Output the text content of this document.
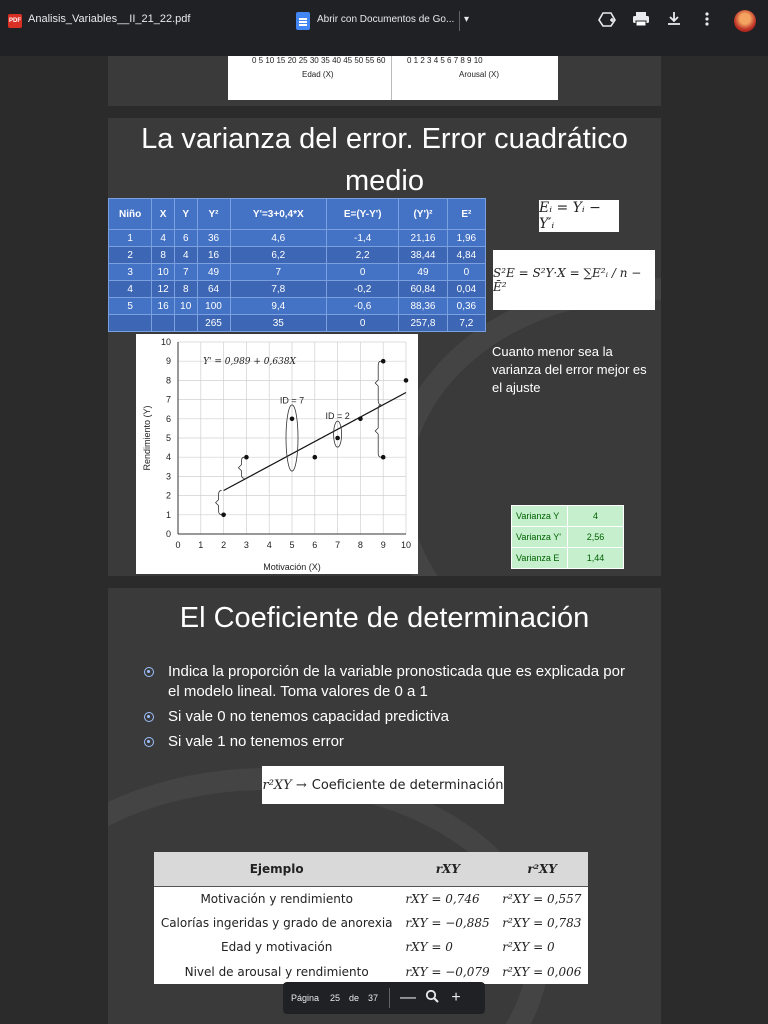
PDF Analisis_Variables__II_21_22.pdf	Abrir con Documentos de Go... ▾
0 5 10 15 20 25 30 35 40 45 50 55 60
Edad (X)
0 1 2 3 4 5 6 7 8 9 10
Arousal (X)
La varianza del error. Error cuadrático medio
Niño	X	Y	Y²	Y'=3+0,4*X	E=(Y-Y')	(Y')²	E²
1	4	6	36	4,6	-1,4	21,16	1,96
2	8	4	16	6,2	2,2	38,44	4,84
3	10	7	49	7	0	49	0
4	12	8	64	7,8	-0,2	60,84	0,04
5	16	10	100	9,4	-0,6	88,36	0,36
			265	35	0	257,8	7,2
Eᵢ = Yᵢ − Y′ᵢ
S²E = S²Y·X = ∑E²ᵢ / n − Ē²
0 1 2 3 4 5 6 7 8 9 10
0
1
2
3
4
5
6
7
8
9
10
Motivación (X)
Rendimiento (Y)
Y' = 0,989 + 0,638X
ID = 7
ID = 2
Cuanto menor sea la varianza del error mejor es el ajuste
Varianza Y	4
Varianza Y'	2,56
Varianza E	1,44
El Coeficiente de determinación
Indica la proporción de la variable pronosticada que es explicada por el modelo lineal. Toma valores de 0 a 1
Si vale 0 no tenemos capacidad predictiva
Si vale 1 no tenemos error
r²XY → Coeficiente de determinación
Ejemplo	rXY	r²XY
Motivación y rendimiento	rXY = 0,746	r²XY = 0,557
Calorías ingeridas y grado de anorexia	rXY = −0,885	r²XY = 0,783
Edad y motivación	rXY = 0	r²XY = 0
Nivel de arousal y rendimiento	rXY = −0,079	r²XY = 0,006
Página	25	de 37	—	+
